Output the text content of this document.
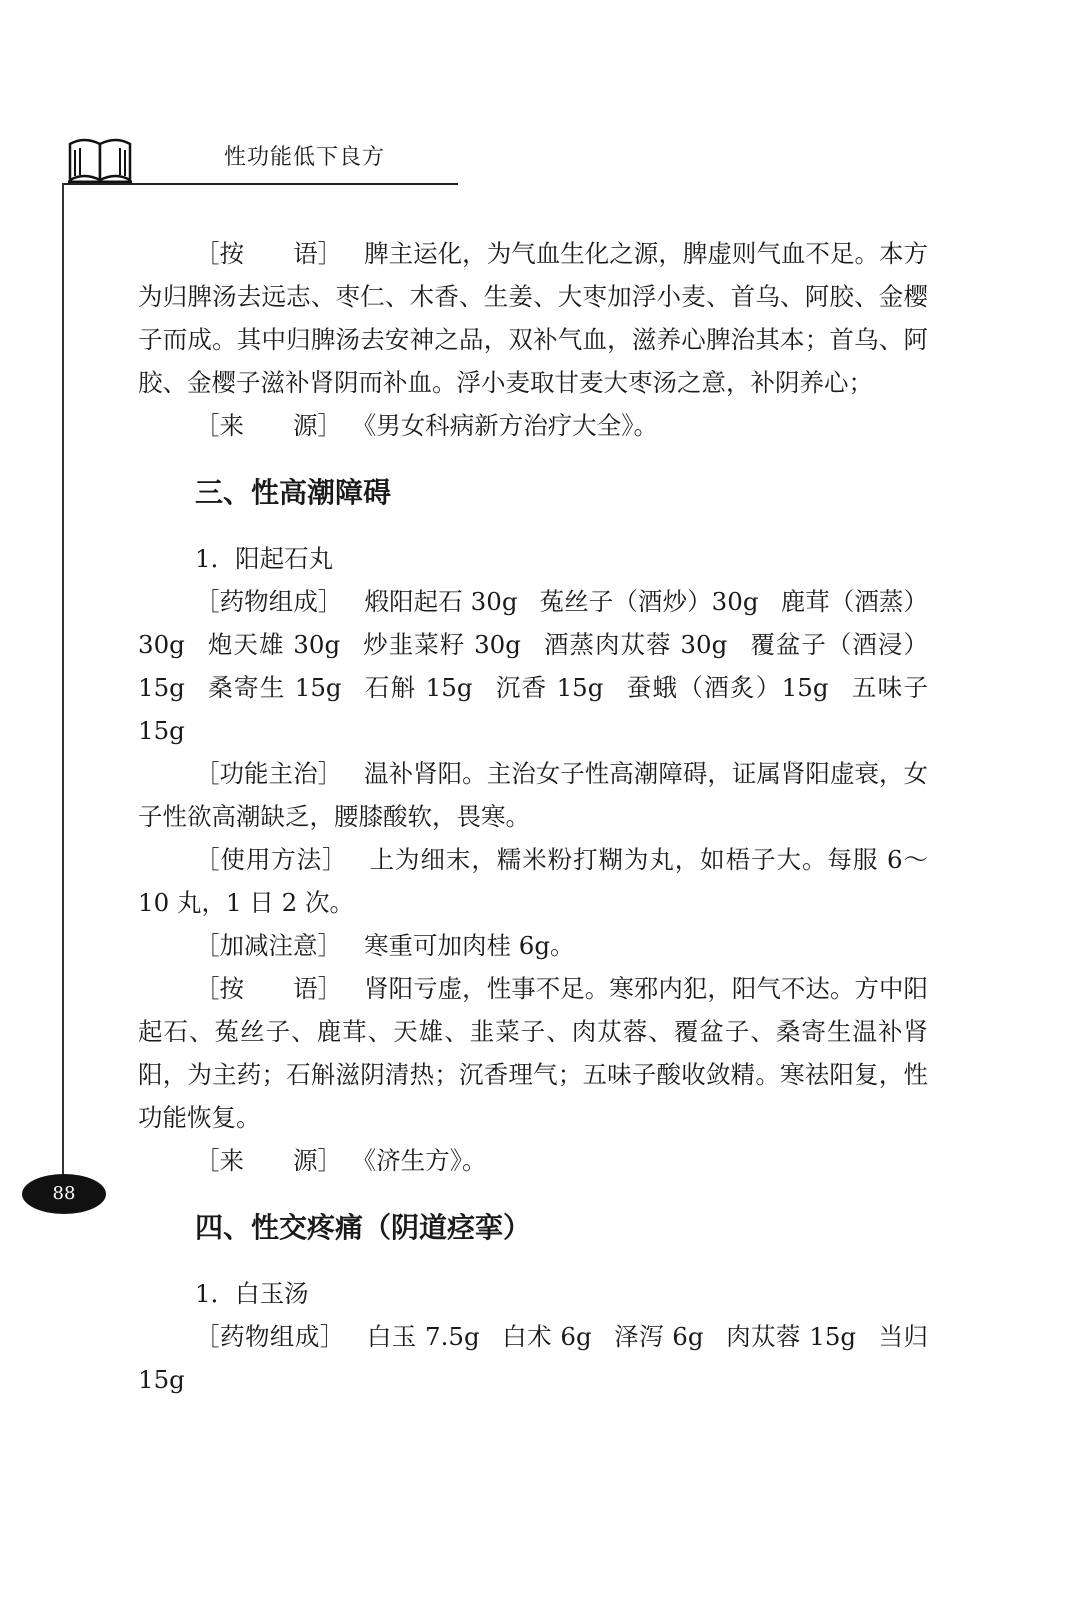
性功能低下良方
88

［按　　语］ 脾主运化，为气血生化之源，脾虚则气血不足。本方为归脾汤去远志、枣仁、木香、生姜、大枣加浮小麦、首乌、阿胶、金樱子而成。其中归脾汤去安神之品，双补气血，滋养心脾治其本；首乌、阿胶、金樱子滋补肾阴而补血。浮小麦取甘麦大枣汤之意，补阴养心；

［来　　源］ 《男女科病新方治疗大全》。

三、性高潮障碍

1．阳起石丸

［药物组成］ 煅阳起石 30g 菟丝子（酒炒）30g 鹿茸（酒蒸）30g 炮天雄 30g 炒韭菜籽 30g 酒蒸肉苁蓉 30g 覆盆子（酒浸）15g 桑寄生 15g 石斛 15g 沉香 15g 蚕蛾（酒炙）15g 五味子 15g

［功能主治］ 温补肾阳。主治女子性高潮障碍，证属肾阳虚衰，女子性欲高潮缺乏，腰膝酸软，畏寒。

［使用方法］ 上为细末，糯米粉打糊为丸，如梧子大。每服 6～10 丸，1 日 2 次。

［加减注意］ 寒重可加肉桂 6g。

［按　　语］ 肾阳亏虚，性事不足。寒邪内犯，阳气不达。方中阳起石、菟丝子、鹿茸、天雄、韭菜子、肉苁蓉、覆盆子、桑寄生温补肾阳，为主药；石斛滋阴清热；沉香理气；五味子酸收敛精。寒祛阳复，性功能恢复。

［来　　源］ 《济生方》。

四、性交疼痛（阴道痉挛）

1．白玉汤

［药物组成］ 白玉 7.5g 白术 6g 泽泻 6g 肉苁蓉 15g 当归 15g
